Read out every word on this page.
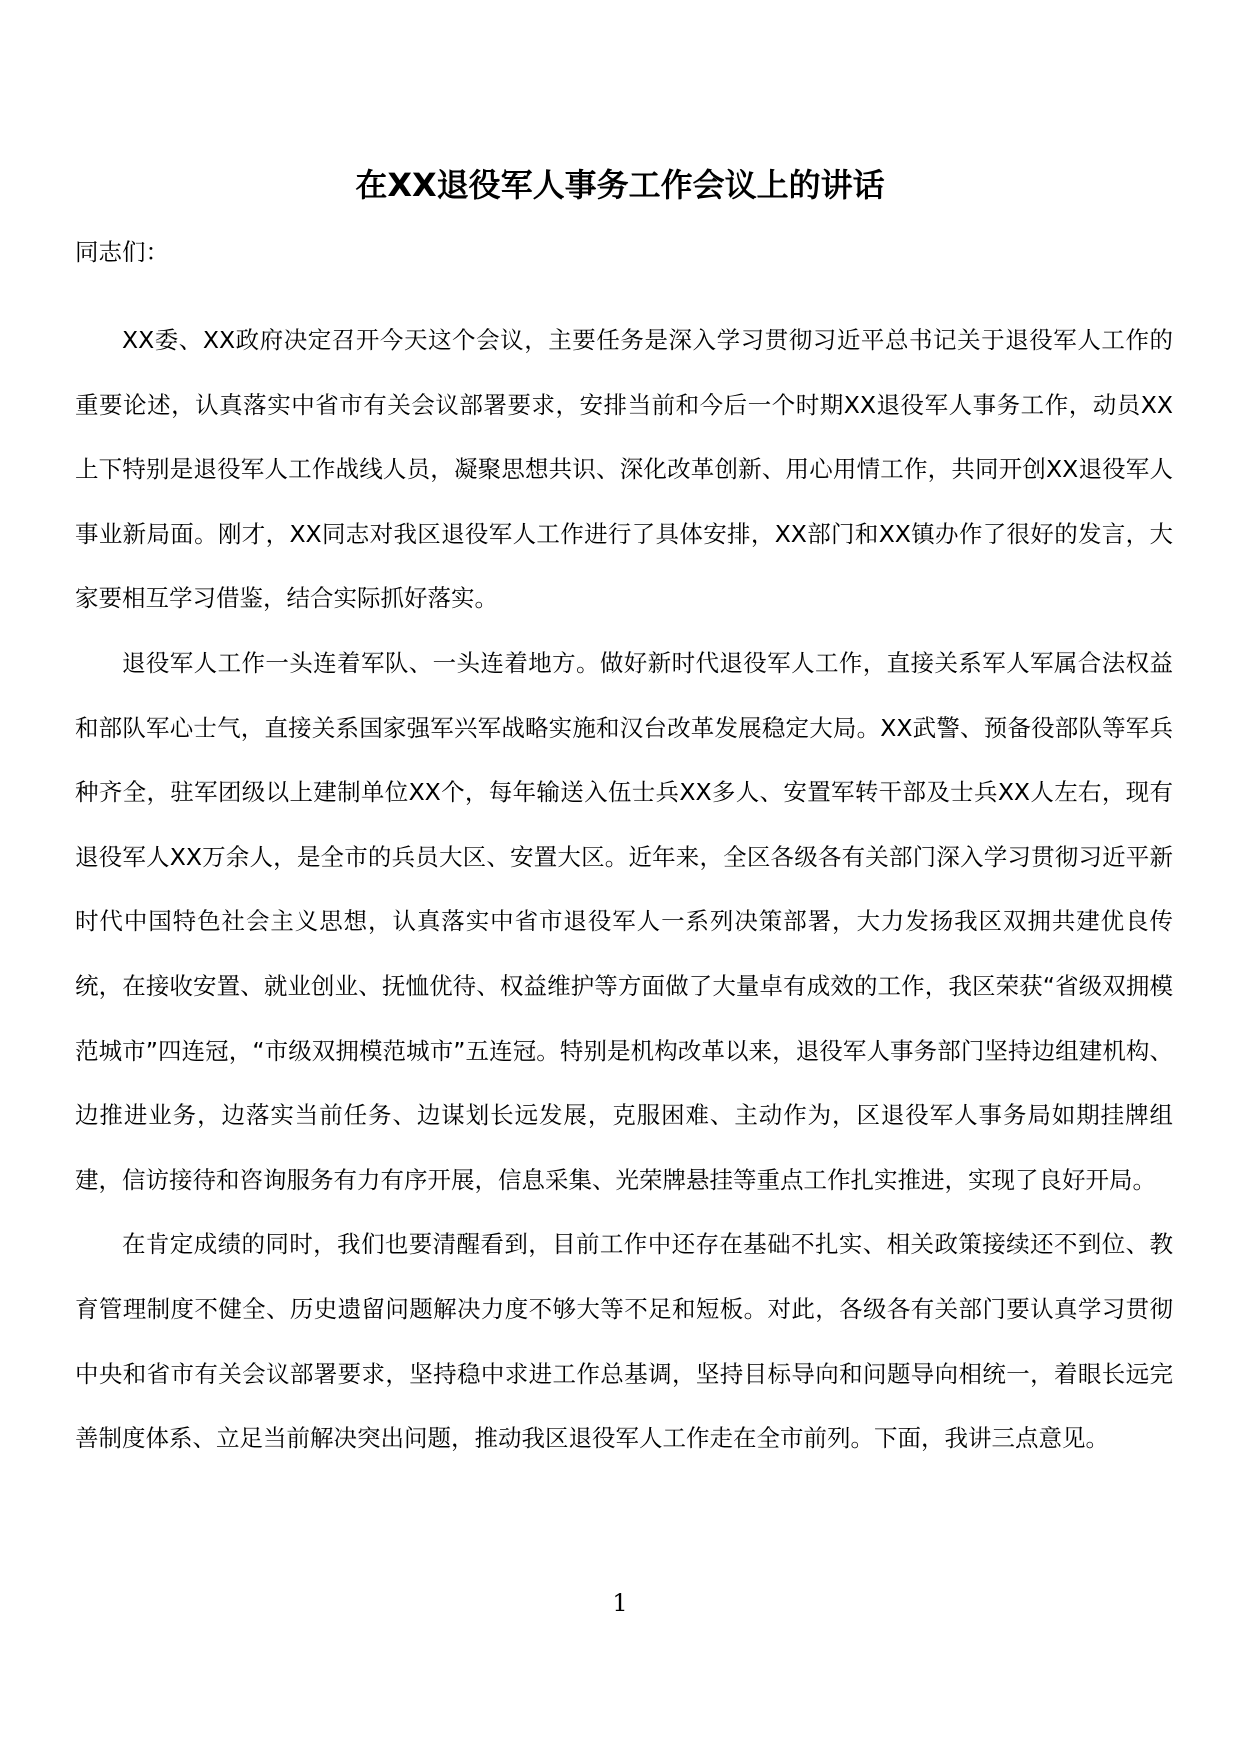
在XX退役军人事务工作会议上的讲话

同志们：

XX委、XX政府决定召开今天这个会议，主要任务是深入学习贯彻习近平总书记关于退役军人工作的重要论述，认真落实中省市有关会议部署要求，安排当前和今后一个时期XX退役军人事务工作，动员XX上下特别是退役军人工作战线人员，凝聚思想共识、深化改革创新、用心用情工作，共同开创XX退役军人事业新局面。刚才，XX同志对我区退役军人工作进行了具体安排，XX部门和XX镇办作了很好的发言，大家要相互学习借鉴，结合实际抓好落实。

退役军人工作一头连着军队、一头连着地方。做好新时代退役军人工作，直接关系军人军属合法权益和部队军心士气，直接关系国家强军兴军战略实施和汉台改革发展稳定大局。XX武警、预备役部队等军兵种齐全，驻军团级以上建制单位XX个，每年输送入伍士兵XX多人、安置军转干部及士兵XX人左右，现有退役军人XX万余人，是全市的兵员大区、安置大区。近年来，全区各级各有关部门深入学习贯彻习近平新时代中国特色社会主义思想，认真落实中省市退役军人一系列决策部署，大力发扬我区双拥共建优良传统，在接收安置、就业创业、抚恤优待、权益维护等方面做了大量卓有成效的工作，我区荣获“省级双拥模范城市”四连冠，“市级双拥模范城市”五连冠。特别是机构改革以来，退役军人事务部门坚持边组建机构、边推进业务，边落实当前任务、边谋划长远发展，克服困难、主动作为，区退役军人事务局如期挂牌组建，信访接待和咨询服务有力有序开展，信息采集、光荣牌悬挂等重点工作扎实推进，实现了良好开局。

在肯定成绩的同时，我们也要清醒看到，目前工作中还存在基础不扎实、相关政策接续还不到位、教育管理制度不健全、历史遗留问题解决力度不够大等不足和短板。对此，各级各有关部门要认真学习贯彻中央和省市有关会议部署要求，坚持稳中求进工作总基调，坚持目标导向和问题导向相统一，着眼长远完善制度体系、立足当前解决突出问题，推动我区退役军人工作走在全市前列。下面，我讲三点意见。

1
